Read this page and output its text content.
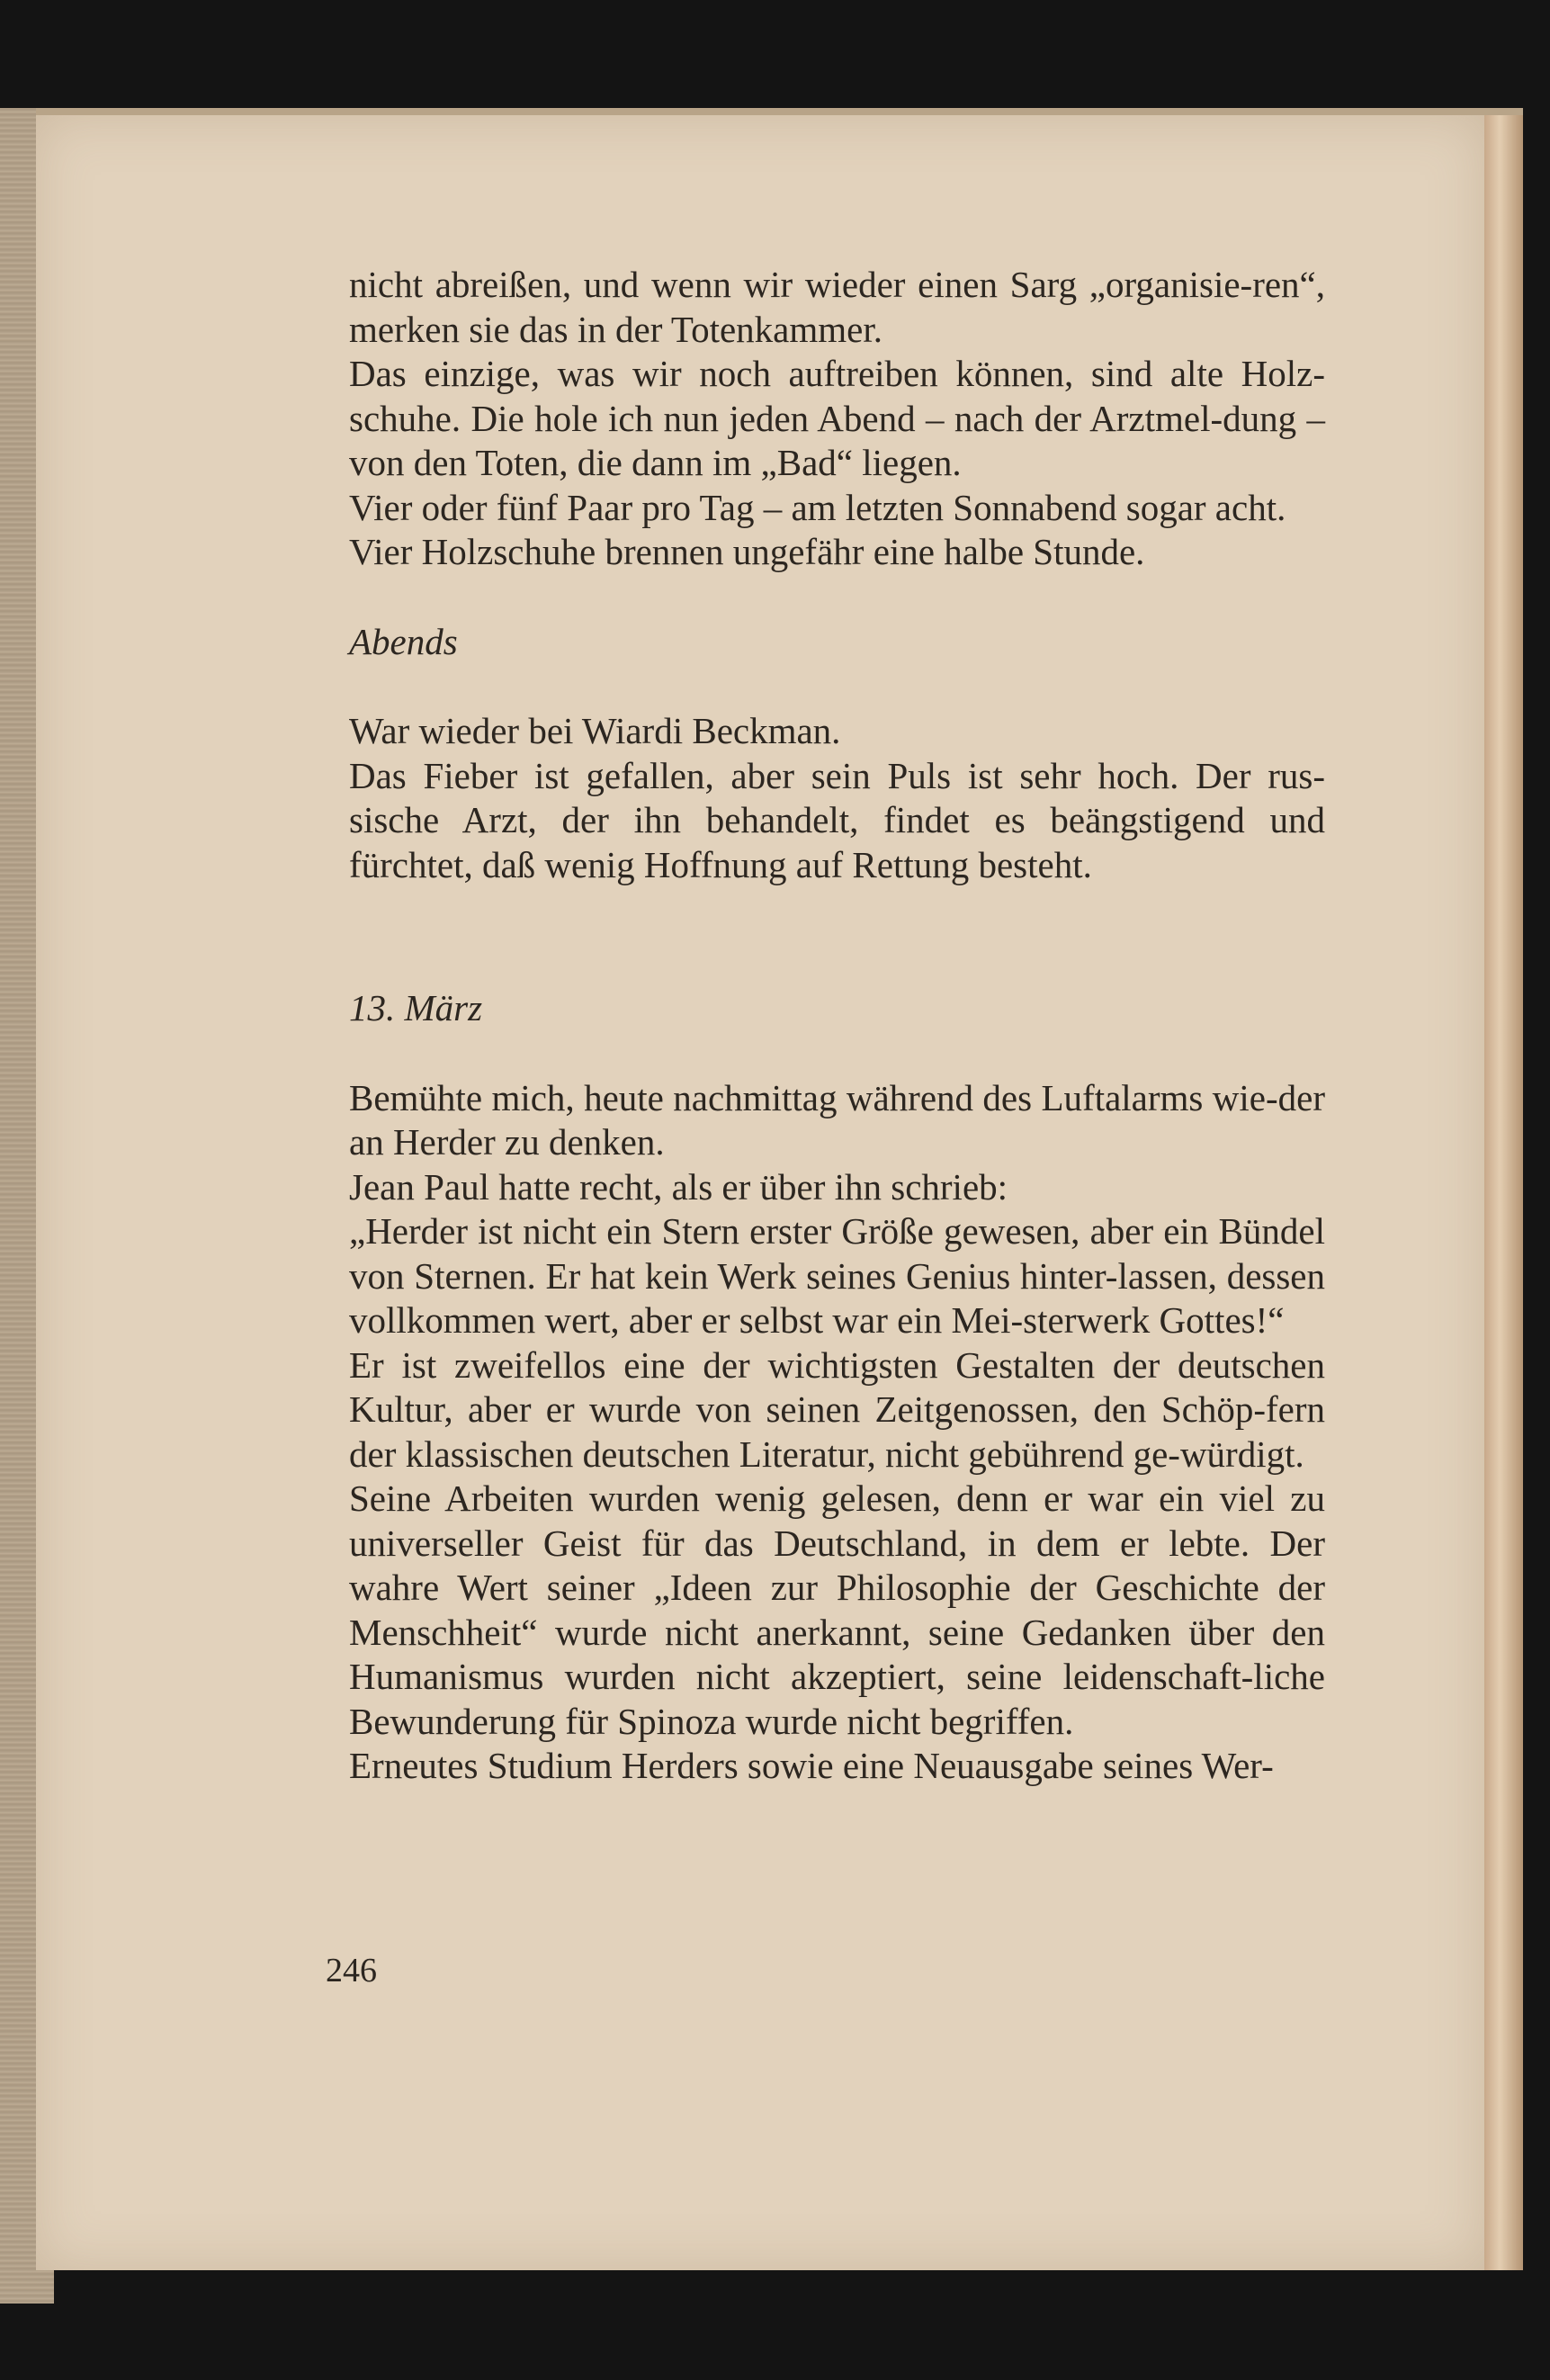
nicht abreißen, und wenn wir wieder einen Sarg „organisie-ren“, merken sie das in der Totenkammer.

Das einzige, was wir noch auftreiben können, sind alte Holz-schuhe. Die hole ich nun jeden Abend – nach der Arztmel-dung – von den Toten, die dann im „Bad“ liegen.

Vier oder fünf Paar pro Tag – am letzten Sonnabend sogar acht.

Vier Holzschuhe brennen ungefähr eine halbe Stunde.

Abends

War wieder bei Wiardi Beckman.

Das Fieber ist gefallen, aber sein Puls ist sehr hoch. Der rus-sische Arzt, der ihn behandelt, findet es beängstigend und fürchtet, daß wenig Hoffnung auf Rettung besteht.

13. März

Bemühte mich, heute nachmittag während des Luftalarms wie-der an Herder zu denken.

Jean Paul hatte recht, als er über ihn schrieb:

„Herder ist nicht ein Stern erster Größe gewesen, aber ein Bündel von Sternen. Er hat kein Werk seines Genius hinter-lassen, dessen vollkommen wert, aber er selbst war ein Mei-sterwerk Gottes!“

Er ist zweifellos eine der wichtigsten Gestalten der deutschen Kultur, aber er wurde von seinen Zeitgenossen, den Schöp-fern der klassischen deutschen Literatur, nicht gebührend ge-würdigt.

Seine Arbeiten wurden wenig gelesen, denn er war ein viel zu universeller Geist für das Deutschland, in dem er lebte. Der wahre Wert seiner „Ideen zur Philosophie der Geschichte der Menschheit“ wurde nicht anerkannt, seine Gedanken über den Humanismus wurden nicht akzeptiert, seine leidenschaft-liche Bewunderung für Spinoza wurde nicht begriffen.

Erneutes Studium Herders sowie eine Neuausgabe seines Wer-

246
